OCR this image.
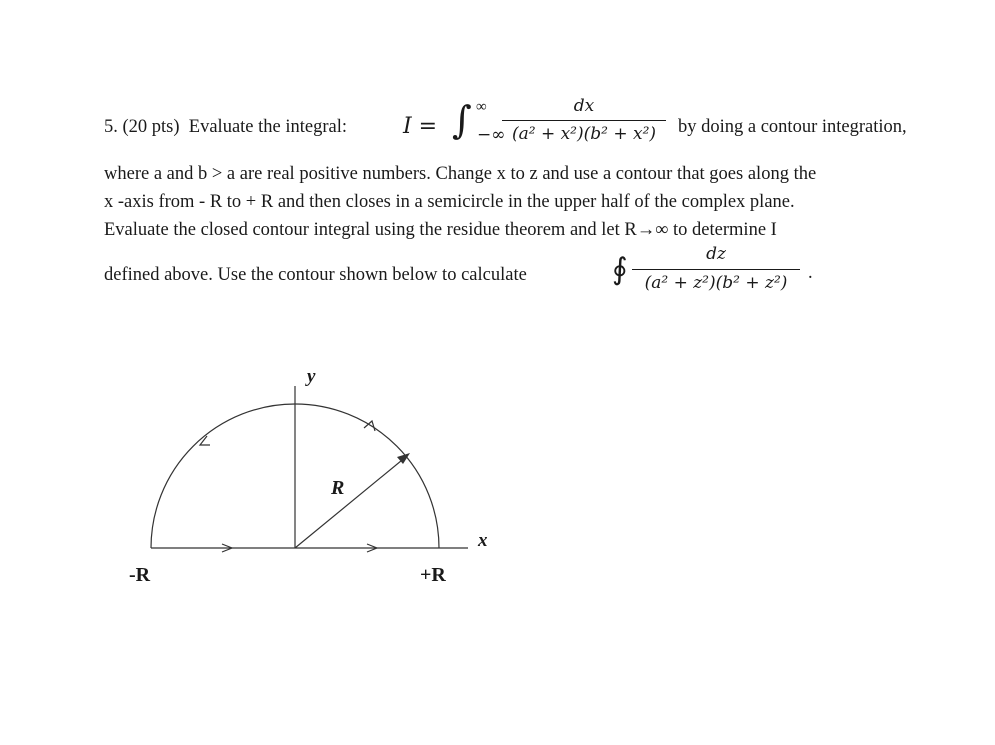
5. (20 pts) Evaluate the integral:	I = ∫ ∞
−∞
dx
(a² + x²)(b² + x²)	by doing a contour integration,
where a and b > a are real positive numbers. Change x to z and use a contour that goes along the
x -axis from - R to + R and then closes in a semicircle in the upper half of the complex plane.
Evaluate the closed contour integral using the residue theorem and let R→∞ to determine I
defined above. Use the contour shown below to calculate	∮	dz
(a² + z²)(b² + z²)	.
y
x
R
-R	+R
